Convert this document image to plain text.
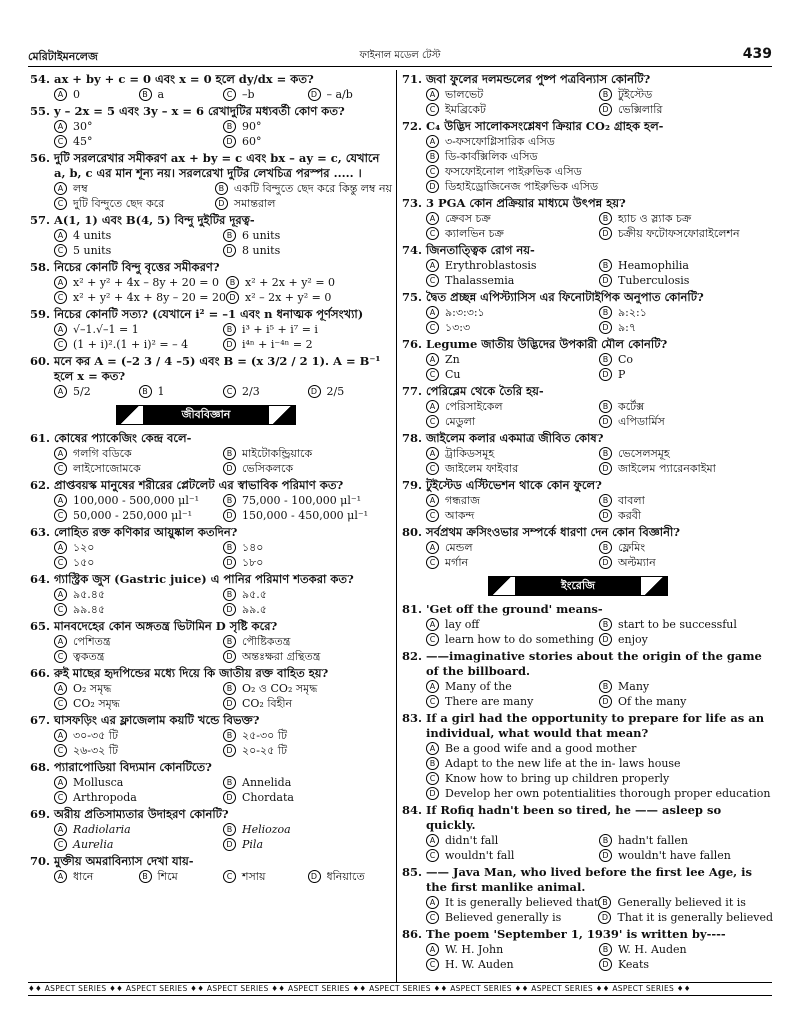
মেরিটাইমনলেজ	ফাইনাল মডেল টেস্ট	439
54. ax + by + c = 0 এবং x = 0 হলে dy/dx = কত?
A 0	B a	C –b	D – a/b
55. y – 2x = 5 এবং 3y – x = 6 রেখাদুটির মধ্যবর্তী কোণ কত?
A 30°	B 90°
C 45°	D 60°
56. দুটি সরলরেখার সমীকরণ ax + by = c এবং bx – ay = c, যেখানে a, b, c এর মান শূন্য নয়। সরলরেখা দুটির লেখচিত্র পরস্পর ..... ।
A লম্ব	B একটি বিন্দুতে ছেদ করে কিন্তু লম্ব নয়
C দুটি বিন্দুতে ছেদ করে	D সমান্তরাল
57. A(1, 1) এবং B(4, 5) বিন্দু দুইটির দূরত্ব-
A 4 units	B 6 units
C 5 units	D 8 units
58. নিচের কোনটি বিন্দু বৃত্তের সমীকরণ?
A x² + y² + 4x – 8y + 20 = 0	B x² + 2x + y² = 0
C x² + y² + 4x + 8y – 20 = 20 D x² – 2x + y² = 0
59. নিচের কোনটি সত্য? (যেখানে i² = –1 এবং n ধনাত্মক পূর্ণসংখ্যা)
A √–1.√–1 = 1	B i³ + i⁵ + i⁷ = i
C (1 + i)².(1 + i)² = – 4	D i⁴ⁿ + i⁻⁴ⁿ = 2
60. মনে কর A = (–2 3 / 4 –5) এবং B = (x 3/2 / 2 1). A = B⁻¹ হলে x = কত?
A 5/2	B 1	C 2/3	D 2/5
জীববিজ্ঞান
61. কোষের প্যাকেজিং কেন্দ্র বলে-
A গলগি বডিকে	B মাইটোকন্ড্রিয়াকে
C লাইসোজোমকে	D ভেসিকলকে
62. প্রাপ্তবয়স্ক মানুষের শরীরের প্লেটলেট এর স্বাভাবিক পরিমাণ কত?
A 100,000 - 500,000 μl⁻¹	B 75,000 - 100,000 μl⁻¹
C 50,000 - 250,000 μl⁻¹	D 150,000 - 450,000 μl⁻¹
63. লোহিত রক্ত কণিকার আয়ুষ্কাল কতদিন?
A ১২০	B ১৪০
C ১৫০	D ১৮০
64. গ্যাস্ট্রিক জুস (Gastric juice) এ পানির পরিমাণ শতকরা কত?
A ৯৫.৪৫	B ৯৫.৫
C ৯৯.৪৫	D ৯৯.৫
65. মানবদেহের কোন অঙ্গতন্ত্র ভিটামিন D সৃষ্টি করে?
A পেশিতন্ত্র	B পৌষ্টিকতন্ত্র
C ত্বকতন্ত্র	D অন্তঃক্ষরা গ্রন্থিতন্ত্র
66. রুই মাছের হৃদপিন্ডের মধ্যে দিয়ে কি জাতীয় রক্ত বাহিত হয়?
A O₂ সমৃদ্ধ	B O₂ ও CO₂ সমৃদ্ধ
C CO₂ সমৃদ্ধ	D CO₂ বিহীন
67. ঘাসফড়িং এর ফ্লাজেলাম কয়টি খন্ডে বিভক্ত?
A ৩০-৩৫ টি	B ২৫-৩০ টি
C ২৬-৩২ টি	D ২০-২৫ টি
68. প্যারাপোডিয়া বিদ্যমান কোনটিতে?
A Mollusca	B Annelida
C Arthropoda	D Chordata
69. অরীয় প্রতিসাম্যতার উদাহরণ কোনটি?
A Radiolaria	B Heliozoa
C Aurelia	D Pila
70. মুক্তীয় অমরাবিন্যাস দেখা যায়-
A ধানে	B শিমে	C শসায়	D ধনিয়াতে
71. জবা ফুলের দলমন্ডলের পুষ্প পত্রবিন্যাস কোনটি?
A ভালভেট	B টুইস্টেড
C ইমব্রিকেট	D ভেক্সিলারি
72. C₄ উদ্ভিদ সালোকসংশ্লেষণ ক্রিয়ার CO₂ গ্রাহক হল-
A ৩-ফসফোগ্লিসারিক এসিড
B ডি-কার্বক্সিলিক এসিড
C ফসফোইনোল পাইরুভিক এসিড
D ডিহাইড্রোজিনেজ পাইরুভিক এসিড
73. 3 PGA কোন প্রক্রিয়ার মাধ্যমে উৎপন্ন হয়?
A ক্রেবস চক্র	B হ্যাচ ও স্ল্যাক চক্র
C ক্যালভিন চক্র	D চক্রীয় ফটোফসফোরাইলেশন
74. জিনতাত্ত্বিক রোগ নয়-
A Erythroblastosis	B Heamophilia
C Thalassemia	D Tuberculosis
75. দ্বৈত প্রচ্ছন্ন এপিস্ট্যাসিস এর ফিনোটাইপিক অনুপাত কোনটি?
A ৯:৩:৩:১	B ৯:২:১
C ১৩:৩	D ৯:৭
76. Legume জাতীয় উদ্ভিদের উপকারী মৌল কোনটি?
A Zn	B Co
C Cu	D P
77. পেরিব্লেম থেকে তৈরি হয়-
A পেরিসাইকেল	B কর্টেক্স
C মেডুলা	D এপিডার্মিস
78. জাইলেম কলার একমাত্র জীবিত কোষ?
A ট্রাকিডসমূহ	B ভেসেলসমূহ
C জাইলেম ফাইবার	D জাইলেম প্যারেনকাইমা
79. টুইস্টেড এস্টিভেশন থাকে কোন ফুলে?
A গন্ধরাজ	B বাবলা
C আকন্দ	D করবী
80. সর্বপ্রথম ক্রসিংওভার সম্পর্কে ধারণা দেন কোন বিজ্ঞানী?
A মেন্ডল	B ফ্লেমিং
C মর্গান	D অল্টম্যান
ইংরেজি
81. 'Get off the ground' means-
A lay off	B start to be successful
C learn how to do something	D enjoy
82. ——imaginative stories about the origin of the game of the billboard.
A Many of the	B Many
C There are many	D Of the many
83. If a girl had the opportunity to prepare for life as an individual, what would that mean?
A Be a good wife and a good mother
B Adapt to the new life at the in- laws house
C Know how to bring up children properly
D Develop her own potentialities thorough proper education
84. If Rofiq hadn't been so tired, he —— asleep so quickly.
A didn't fall	B hadn't fallen
C wouldn't fall	D wouldn't have fallen
85. —— Java Man, who lived before the first lee Age, is the first manlike animal.
A It is generally believed that B Generally believed it is
C Believed generally is	D That it is generally believed
86. The poem 'September 1, 1939' is written by----
A W. H. John	B W. H. Auden
C H. W. Auden	D Keats
♦♦ ASPECT SERIES ♦♦ ASPECT SERIES ♦♦ ASPECT SERIES ♦♦ ASPECT SERIES ♦♦ ASPECT SERIES ♦♦ ASPECT SERIES ♦♦ ASPECT SERIES ♦♦ ASPECT SERIES ♦♦
